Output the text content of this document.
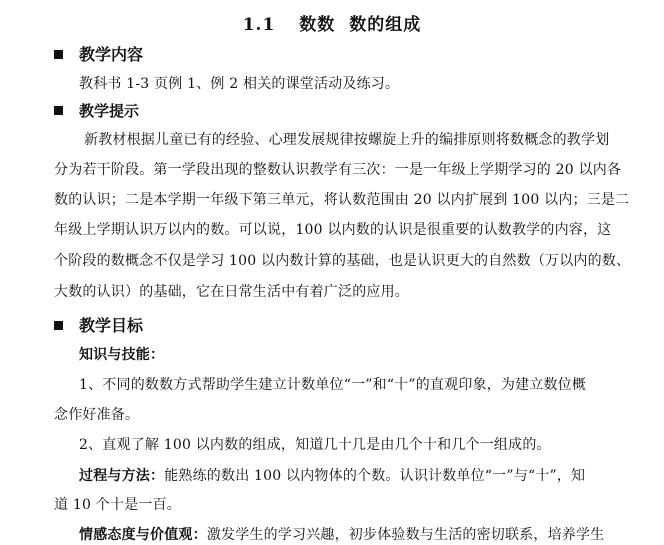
1.1 数数 数的组成
教学内容
教科书 1-3 页例 1、例 2 相关的课堂活动及练习。
教学提示
新教材根据儿童已有的经验、心理发展规律按螺旋上升的编排原则将数概念的教学划
分为若干阶段。第一学段出现的整数认识教学有三次：一是一年级上学期学习的 20 以内各
数的认识；二是本学期一年级下第三单元，将认数范围由 20 以内扩展到 100 以内；三是二
年级上学期认识万以内的数。可以说，100 以内数的认识是很重要的认数教学的内容，这
个阶段的数概念不仅是学习 100 以内数计算的基础，也是认识更大的自然数（万以内的数、
大数的认识）的基础，它在日常生活中有着广泛的应用。
教学目标
知识与技能：
1、不同的数数方式帮助学生建立计数单位“一”和“十”的直观印象，为建立数位概
念作好准备。
2、直观了解 100 以内数的组成，知道几十几是由几个十和几个一组成的。
过程与方法：能熟练的数出 100 以内物体的个数。认识计数单位“一”与“十”，知
道 10 个十是一百。
情感态度与价值观：激发学生的学习兴趣，初步体验数与生活的密切联系，培养学生
